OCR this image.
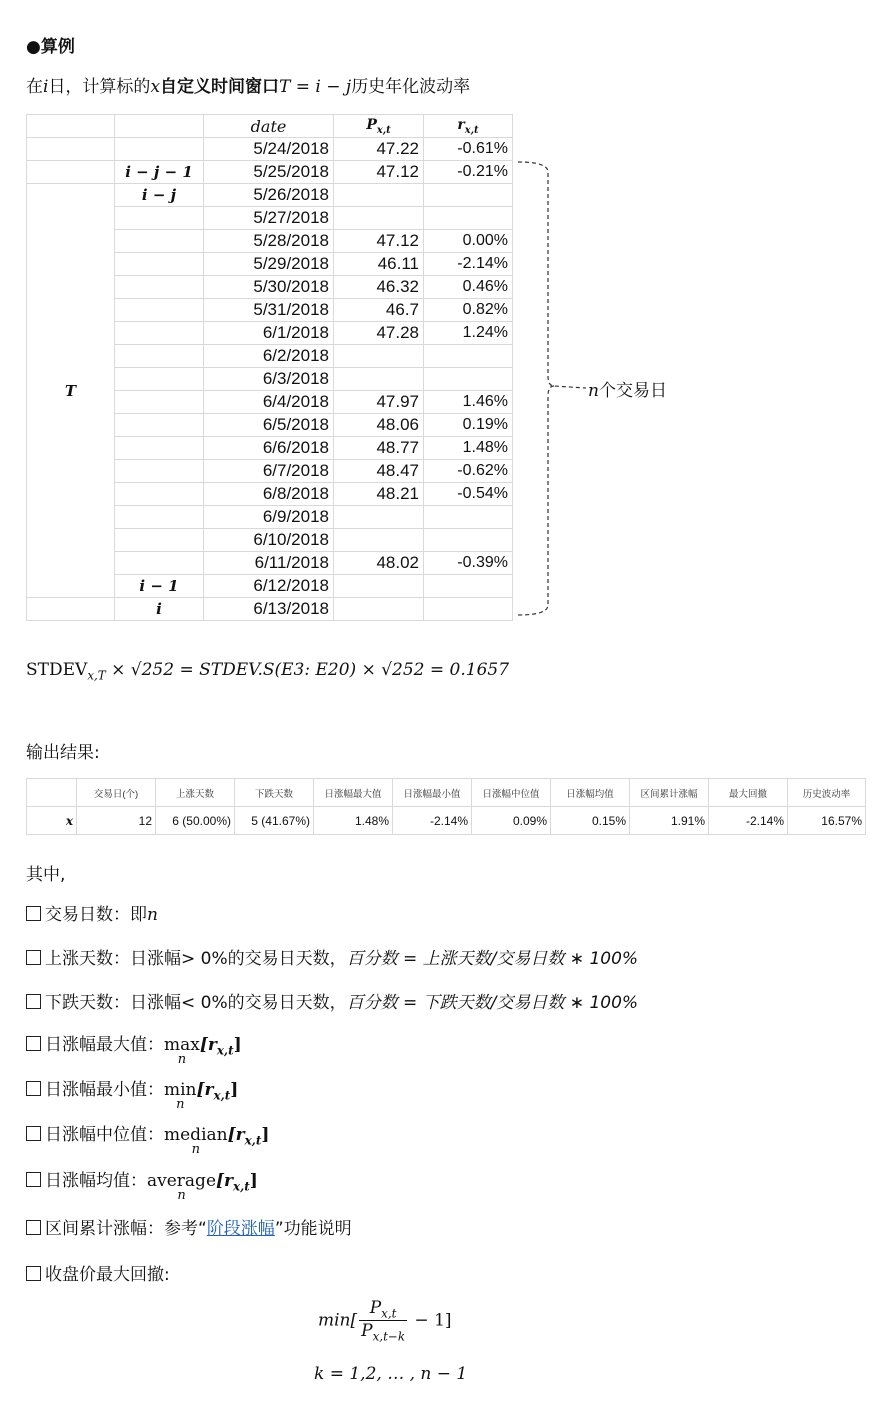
●算例
在i日，计算标的x自定义时间窗口T = i − j历史年化波动率
		date	$P_{x,t}$	$r_{x,t}$
		5/24/2018	47.22	-0.61%
	i − j − 1	5/25/2018	47.12	-0.21%
T	i − j	5/26/2018		
		5/27/2018		
		5/28/2018	47.12	0.00%
		5/29/2018	46.11	-2.14%
		5/30/2018	46.32	0.46%
		5/31/2018	46.7	0.82%
		6/1/2018	47.28	1.24%
		6/2/2018		
		6/3/2018		
		6/4/2018	47.97	1.46%
		6/5/2018	48.06	0.19%
		6/6/2018	48.77	1.48%
		6/7/2018	48.47	-0.62%
		6/8/2018	48.21	-0.54%
		6/9/2018		
		6/10/2018		
		6/11/2018	48.02	-0.39%
	i − 1	6/12/2018		
	i	6/13/2018		
n个交易日
$STDEV_{x,T} \times √252$ = STDEV.S(E3: E20) × √252 = 0.1657
输出结果:
	交易日(个)	上涨天数	下跌天数	日涨幅最大值	日涨幅最小值	日涨幅中位值	日涨幅均值	区间累计涨幅	最大回撤	历史波动率
x	12	6 (50.00%)	5 (41.67%)	1.48%	-2.14%	0.09%	0.15%	1.91%	-2.14%	16.57%
其中,
交易日数：即n
上涨天数：日涨幅> 0%的交易日天数，百分数 = 上涨天数/交易日数 ∗ 100%
下跌天数：日涨幅< 0%的交易日天数，百分数 = 下跌天数/交易日数 ∗ 100%
日涨幅最大值：max
n
$[r_{x,t}]$
日涨幅最小值：min
n
$[r_{x,t}]$
日涨幅中位值：median
n
$[r_{x,t}]$
日涨幅均值：average
n
$[r_{x,t}]$
区间累计涨幅：参考“阶段涨幅”功能说明
收盘价最大回撤:
$\min[ \frac{P_{x,t}}{P_{x,t-k}} - 1]$
k = 1,2, … , n − 1
